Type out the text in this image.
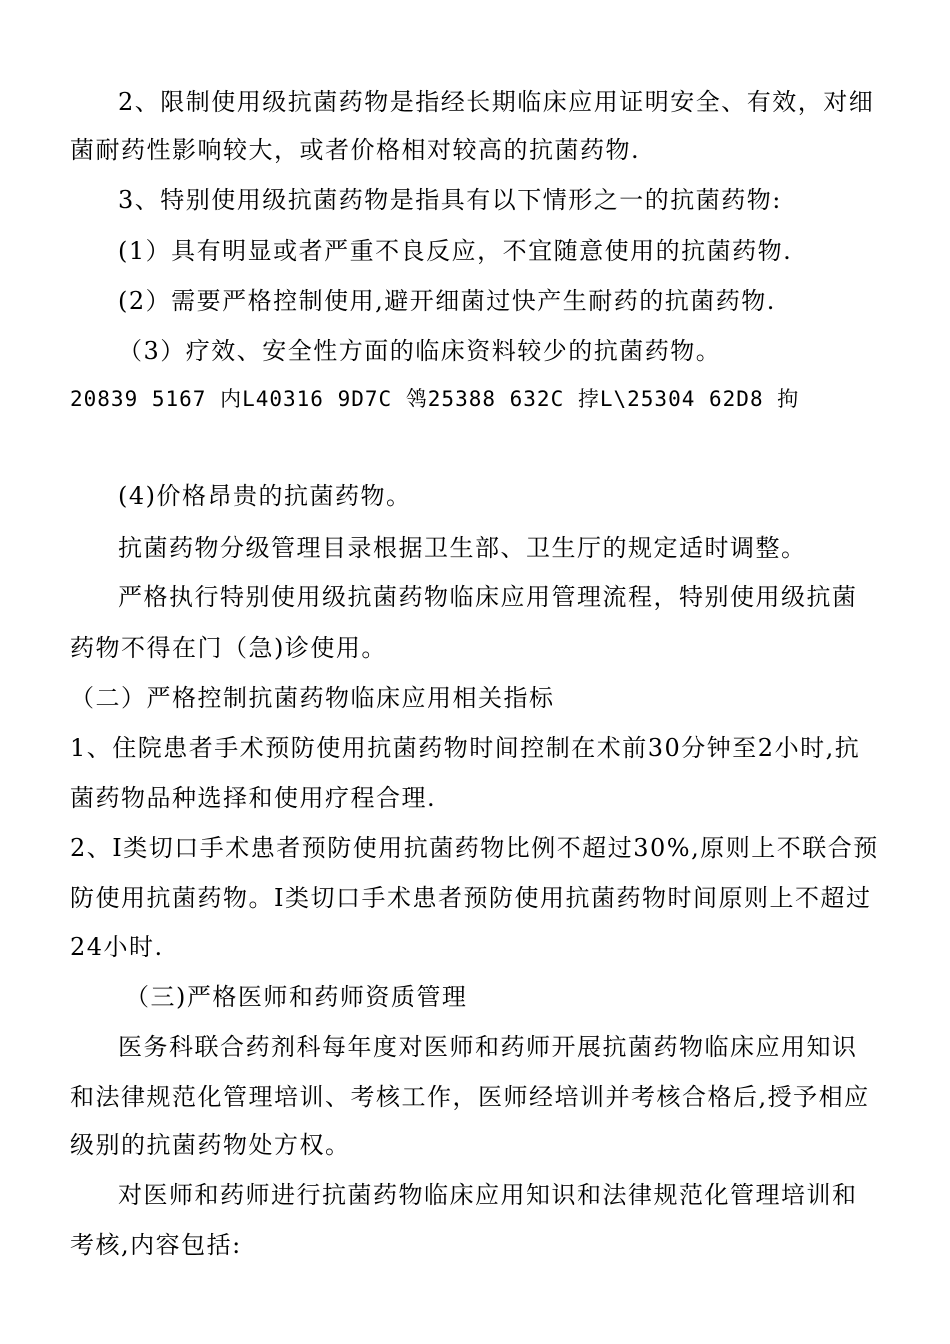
2、限制使用级抗菌药物是指经长期临床应用证明安全、有效，对细
菌耐药性影响较大，或者价格相对较高的抗菌药物.
3、特别使用级抗菌药物是指具有以下情形之一的抗菌药物:
(1）具有明显或者严重不良反应，不宜随意使用的抗菌药物.
(2）需要严格控制使用,避开细菌过快产生耐药的抗菌药物.
（3）疗效、安全性方面的临床资料较少的抗菌药物。
20839 5167 内L40316 9D7C 鸰25388 632C 挬L\25304 62D8 拘
(4)价格昂贵的抗菌药物。
抗菌药物分级管理目录根据卫生部、卫生厅的规定适时调整。
严格执行特别使用级抗菌药物临床应用管理流程，特别使用级抗菌
药物不得在门（急)诊使用。
（二）严格控制抗菌药物临床应用相关指标
1、住院患者手术预防使用抗菌药物时间控制在术前30分钟至2小时,抗
菌药物品种选择和使用疗程合理.
2、I类切口手术患者预防使用抗菌药物比例不超过30%,原则上不联合预
防使用抗菌药物。I类切口手术患者预防使用抗菌药物时间原则上不超过
24小时.
（三)严格医师和药师资质管理
医务科联合药剂科每年度对医师和药师开展抗菌药物临床应用知识
和法律规范化管理培训、考核工作，医师经培训并考核合格后,授予相应
级别的抗菌药物处方权。
对医师和药师进行抗菌药物临床应用知识和法律规范化管理培训和
考核,内容包括:
